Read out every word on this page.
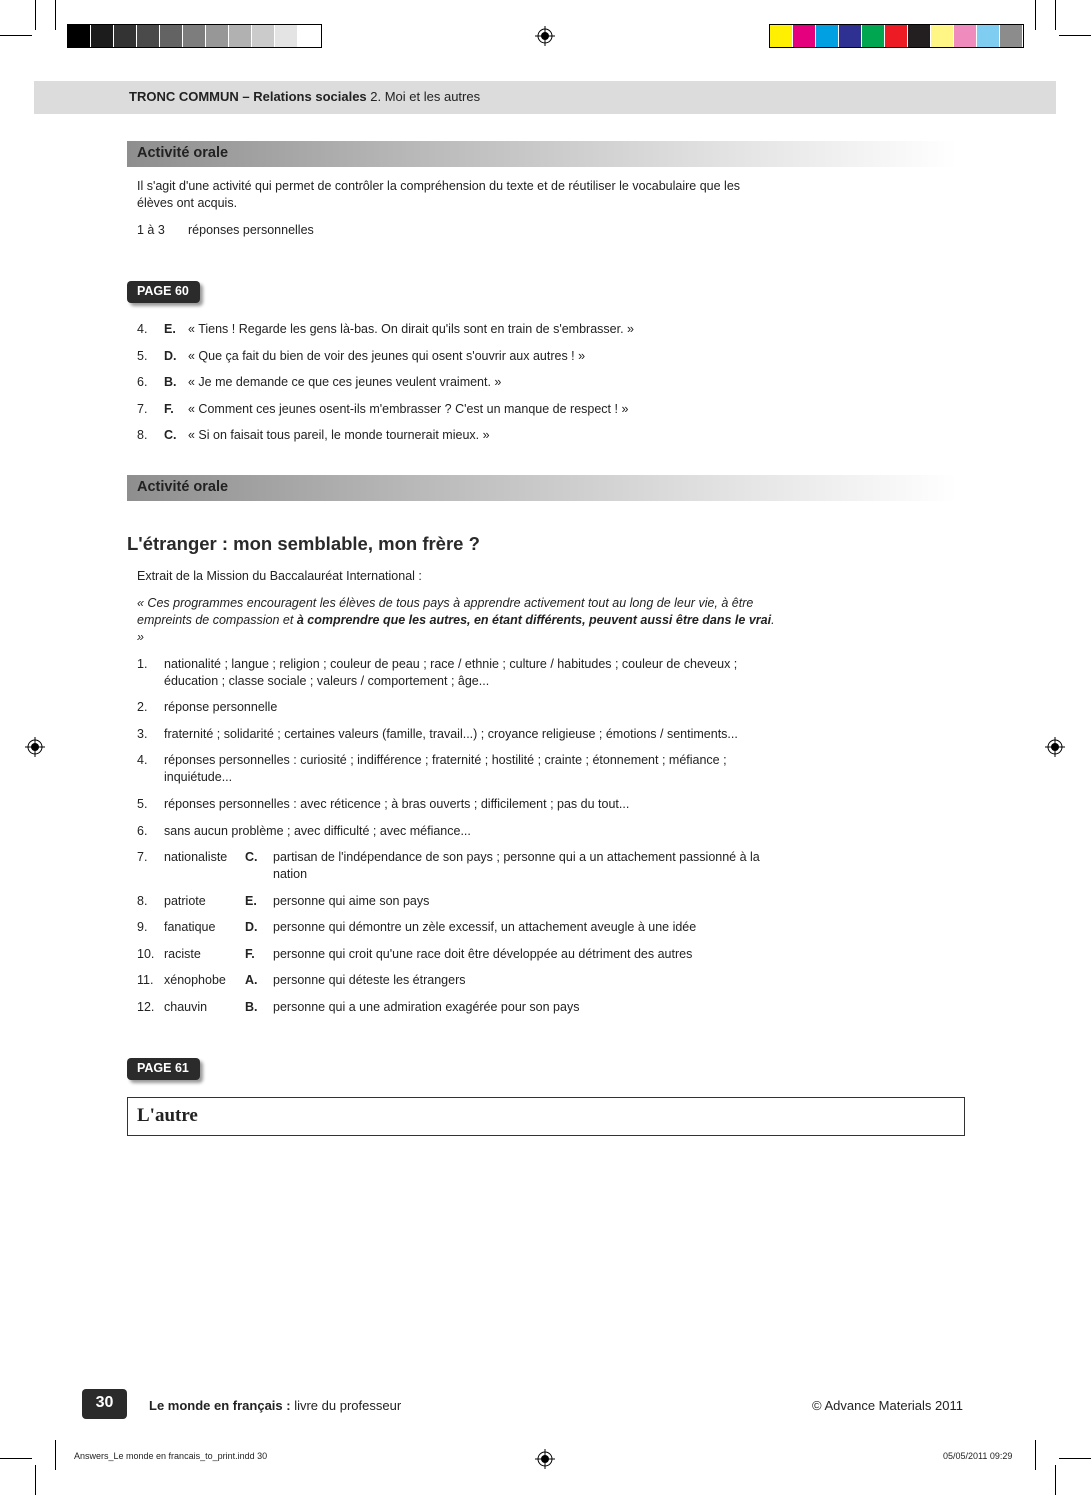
TRONC COMMUN – Relations sociales 2. Moi et les autres
Activité orale
Il s'agit d'une activité qui permet de contrôler la compréhension du texte et de réutiliser le vocabulaire que les élèves ont acquis.
1 à 3 réponses personnelles
PAGE 60
4. E. « Tiens ! Regarde les gens là-bas. On dirait qu'ils sont en train de s'embrasser. »
5. D. « Que ça fait du bien de voir des jeunes qui osent s'ouvrir aux autres ! »
6. B. « Je me demande ce que ces jeunes veulent vraiment. »
7. F. « Comment ces jeunes osent-ils m'embrasser ? C'est un manque de respect ! »
8. C. « Si on faisait tous pareil, le monde tournerait mieux. »
Activité orale
L'étranger : mon semblable, mon frère ?
Extrait de la Mission du Baccalauréat International :
« Ces programmes encouragent les élèves de tous pays à apprendre activement tout au long de leur vie, à être empreints de compassion et à comprendre que les autres, en étant différents, peuvent aussi être dans le vrai. »
1. nationalité ; langue ; religion ; couleur de peau ; race / ethnie ; culture / habitudes ; couleur de cheveux ; éducation ; classe sociale ; valeurs / comportement ; âge...
2. réponse personnelle
3. fraternité ; solidarité ; certaines valeurs (famille, travail...) ; croyance religieuse ; émotions / sentiments...
4. réponses personnelles : curiosité ; indifférence ; fraternité ; hostilité ; crainte ; étonnement ; méfiance ; inquiétude...
5. réponses personnelles : avec réticence ; à bras ouverts ; difficilement ; pas du tout...
6. sans aucun problème ; avec difficulté ; avec méfiance...
7. nationaliste C. partisan de l'indépendance de son pays ; personne qui a un attachement passionné à la nation
8. patriote	E. personne qui aime son pays
9. fanatique D. personne qui démontre un zèle excessif, un attachement aveugle à une idée
10. raciste	F. personne qui croit qu'une race doit être développée au détriment des autres
11. xénophobe A. personne qui déteste les étrangers
12. chauvin	B. personne qui a une admiration exagérée pour son pays
PAGE 61
L'autre
30	Le monde en français : livre du professeur	© Advance Materials 2011
Answers_Le monde en francais_to_print.indd 30	05/05/2011 09:29
